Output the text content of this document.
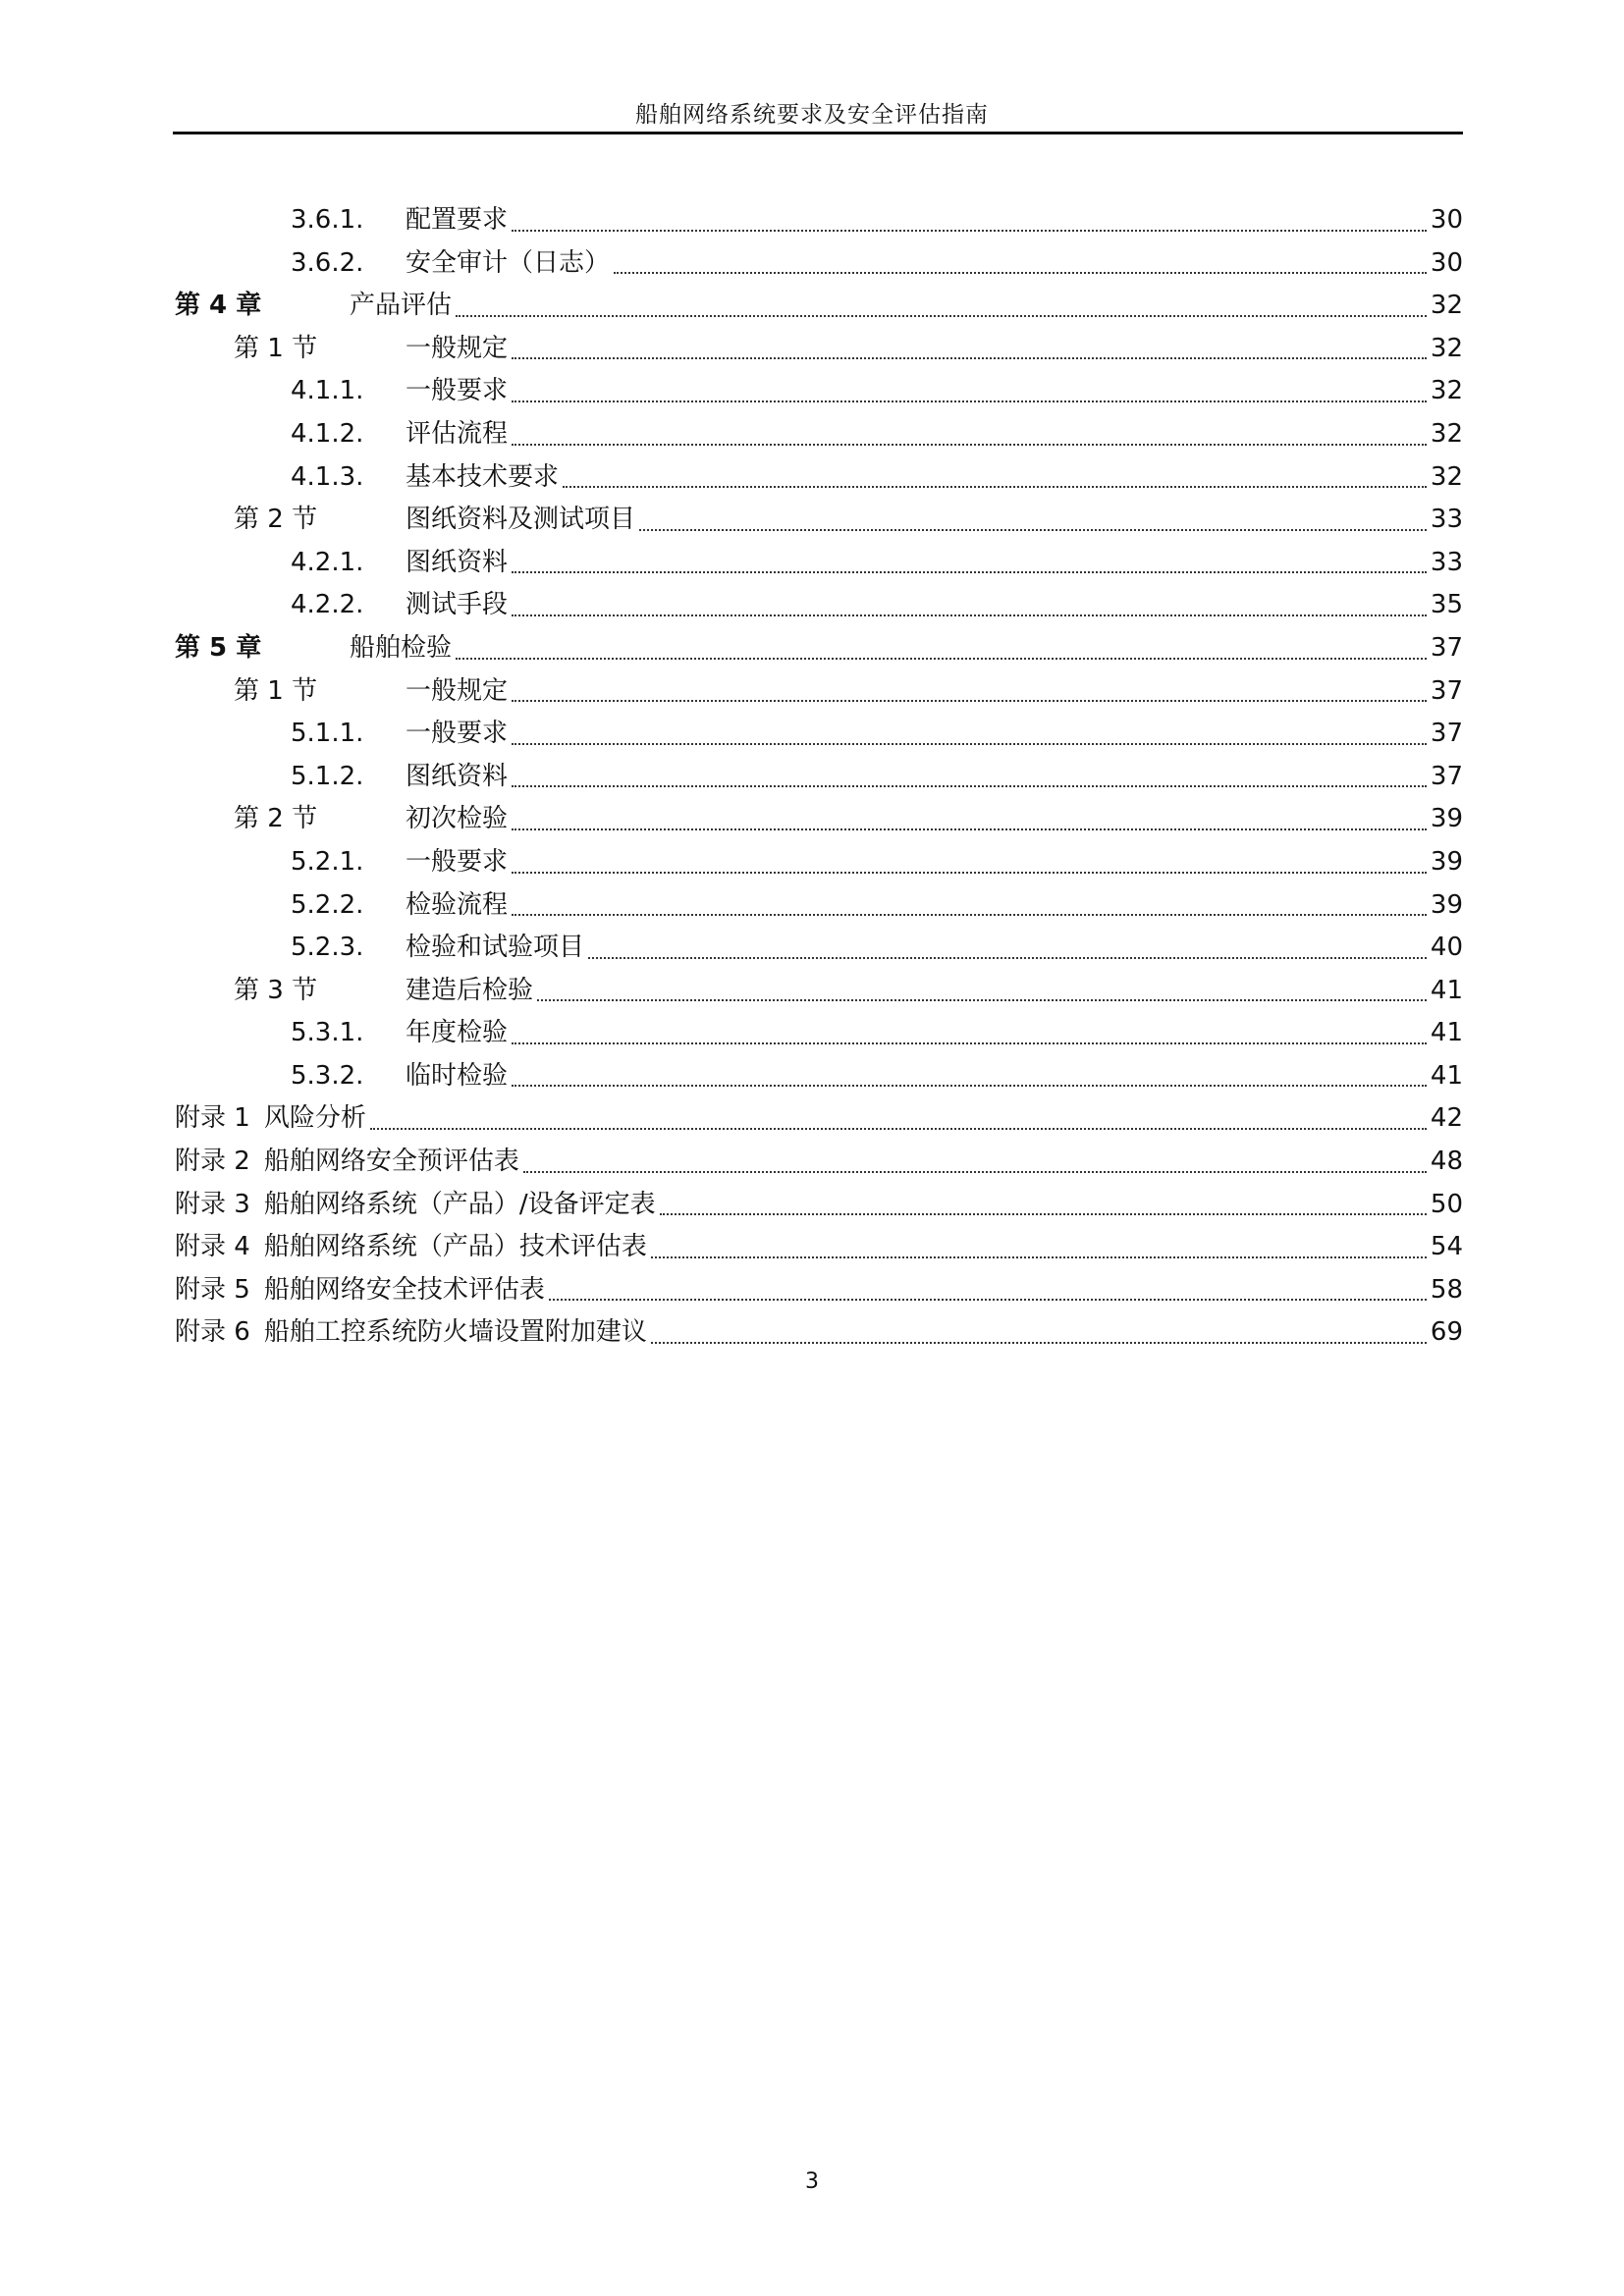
船舶网络系统要求及安全评估指南
3.6.1.	配置要求	30
3.6.2.	安全审计（日志）	30
第 4 章	产品评估	32
第 1 节	一般规定	32
4.1.1.	一般要求	32
4.1.2.	评估流程	32
4.1.3.	基本技术要求	32
第 2 节	图纸资料及测试项目	33
4.2.1.	图纸资料	33
4.2.2.	测试手段	35
第 5 章	船舶检验	37
第 1 节	一般规定	37
5.1.1.	一般要求	37
5.1.2.	图纸资料	37
第 2 节	初次检验	39
5.2.1.	一般要求	39
5.2.2.	检验流程	39
5.2.3.	检验和试验项目	40
第 3 节	建造后检验	41
5.3.1.	年度检验	41
5.3.2.	临时检验	41
附录 1 风险分析	42
附录 2 船舶网络安全预评估表	48
附录 3 船舶网络系统（产品）/设备评定表	50
附录 4 船舶网络系统（产品）技术评估表	54
附录 5 船舶网络安全技术评估表	58
附录 6 船舶工控系统防火墙设置附加建议	69
3
